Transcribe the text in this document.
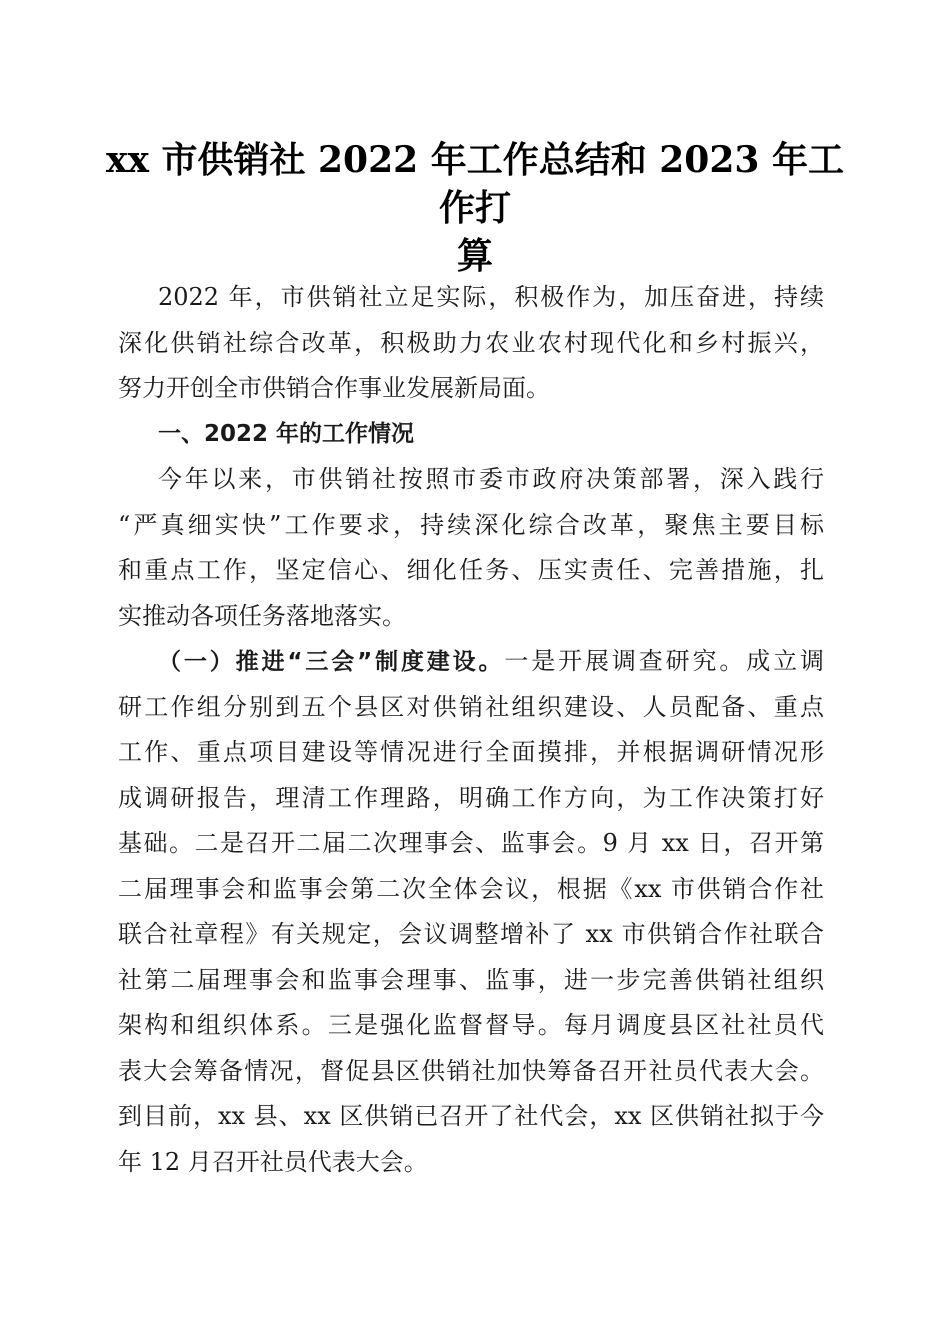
xx 市供销社 2022 年工作总结和 2023 年工作打
算
2022 年，市供销社立足实际，积极作为，加压奋进，持续
深化供销社综合改革，积极助力农业农村现代化和乡村振兴，
努力开创全市供销合作事业发展新局面。
一、2022 年的工作情况
今年以来，市供销社按照市委市政府决策部署，深入践行
“严真细实快”工作要求，持续深化综合改革，聚焦主要目标
和重点工作，坚定信心、细化任务、压实责任、完善措施，扎
实推动各项任务落地落实。
（一）推进“三会”制度建设。一是开展调查研究。成立调
研工作组分别到五个县区对供销社组织建设、人员配备、重点
工作、重点项目建设等情况进行全面摸排，并根据调研情况形
成调研报告，理清工作理路，明确工作方向，为工作决策打好
基础。二是召开二届二次理事会、监事会。9 月 xx 日，召开第
二届理事会和监事会第二次全体会议，根据《xx 市供销合作社
联合社章程》有关规定，会议调整增补了 xx 市供销合作社联合
社第二届理事会和监事会理事、监事，进一步完善供销社组织
架构和组织体系。三是强化监督督导。每月调度县区社社员代
表大会筹备情况，督促县区供销社加快筹备召开社员代表大会。
到目前，xx 县、xx 区供销已召开了社代会，xx 区供销社拟于今
年 12 月召开社员代表大会。
